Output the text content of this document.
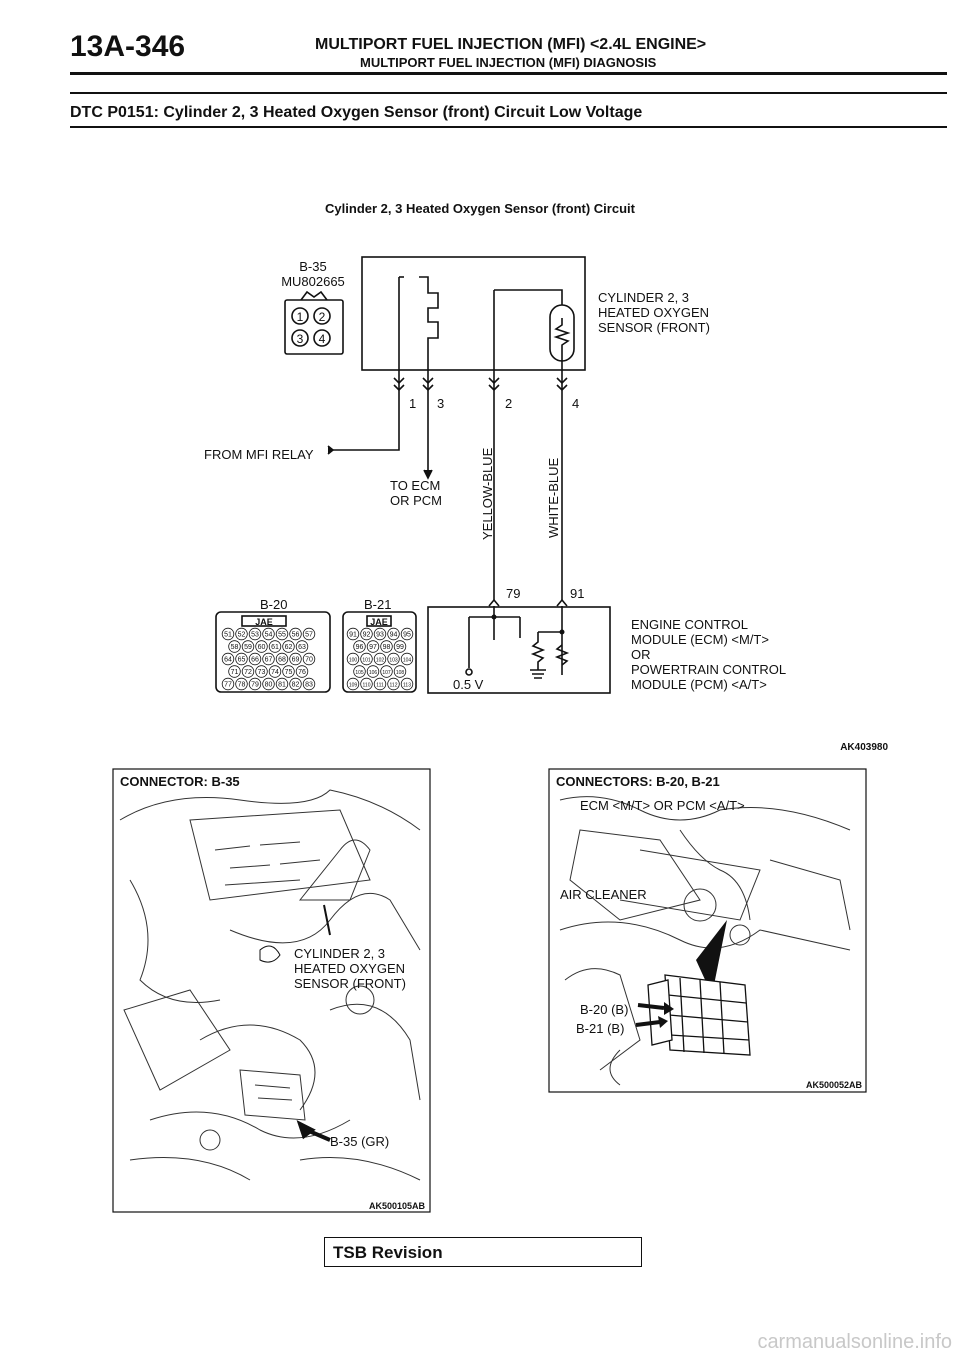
13A-346	MULTIPORT FUEL INJECTION (MFI) <2.4L ENGINE>
MULTIPORT FUEL INJECTION (MFI) DIAGNOSIS
DTC P0151: Cylinder 2, 3 Heated Oxygen Sensor (front) Circuit Low Voltage
Cylinder 2, 3 Heated Oxygen Sensor (front) Circuit
51 52 53 54 55 56 57
58 59 60 61 62 63
64 65 66 67 68 69 70
71 72 73 74 75 76
77 78 79 80 81 82 83
91 92 93 94 95
96 97 98 99
100 101 102 103 104
105 106 107 108
109 110 111 112 113
B-35
MU802665
1 2
3 4
CYLINDER 2, 3
HEATED OXYGEN
SENSOR (FRONT)
1 3	2	4
FROM MFI RELAY
TO ECM
OR PCM	YELLOW-BLUE	WHITE-BLUE
79	91
B-20	B-21
JAE	JAE
0.5 V
ENGINE CONTROL
MODULE (ECM) <M/T>
OR
POWERTRAIN CONTROL
MODULE (PCM) <A/T>
AK403980
CONNECTOR: B-35
CYLINDER 2, 3
HEATED OXYGEN
SENSOR (FRONT)
B-35 (GR)
AK500105AB
CONNECTORS: B-20, B-21
ECM <M/T> OR PCM <A/T>
AIR CLEANER
B-20 (B)
B-21 (B)
AK500052AB
TSB Revision
carmanualsonline.info
